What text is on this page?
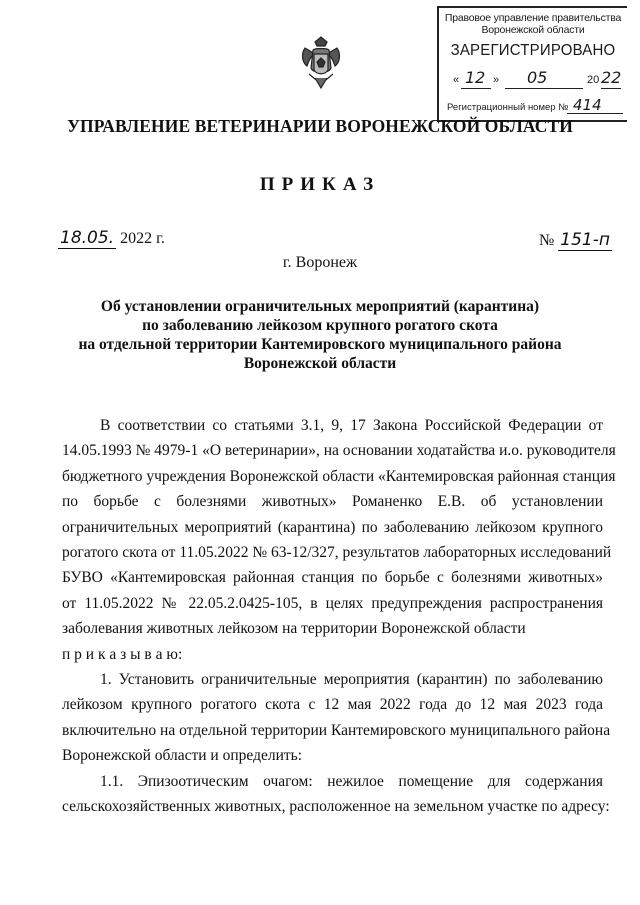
Правовое управление правительства
Воронежской области
ЗАРЕГИСТРИРОВАНО
« 12 » 05	20 22
Регистрационный номер № 414
УПРАВЛЕНИЕ ВЕТЕРИНАРИИ ВОРОНЕЖСКОЙ ОБЛАСТИ
ПРИКАЗ
18.05. 2022 г.	№ 151-п
г. Воронеж
Об установлении ограничительных мероприятий (карантина)
по заболеванию лейкозом крупного рогатого скота
на отдельной территории Кантемировского муниципального района
Воронежской области
В соответствии со статьями 3.1, 9, 17 Закона Российской Федерации от
14.05.1993 № 4979-1 «О ветеринарии», на основании ходатайства и.о. руководителя
бюджетного учреждения Воронежской области «Кантемировская районная станция
по борьбе с болезнями животных» Романенко Е.В. об установлении
ограничительных мероприятий (карантина) по заболеванию лейкозом крупного
рогатого скота от 11.05.2022 № 63-12/327, результатов лабораторных исследований
БУВО «Кантемировская районная станция по борьбе с болезнями животных»
от 11.05.2022 № 22.05.2.0425-105, в целях предупреждения распространения
заболевания животных лейкозом на территории Воронежской области
п р и к а з ы в а ю:
1. Установить ограничительные мероприятия (карантин) по заболеванию
лейкозом крупного рогатого скота с 12 мая 2022 года до 12 мая 2023 года
включительно на отдельной территории Кантемировского муниципального района
Воронежской области и определить:
1.1. Эпизоотическим очагом: нежилое помещение для содержания
сельскохозяйственных животных, расположенное на земельном участке по адресу:
